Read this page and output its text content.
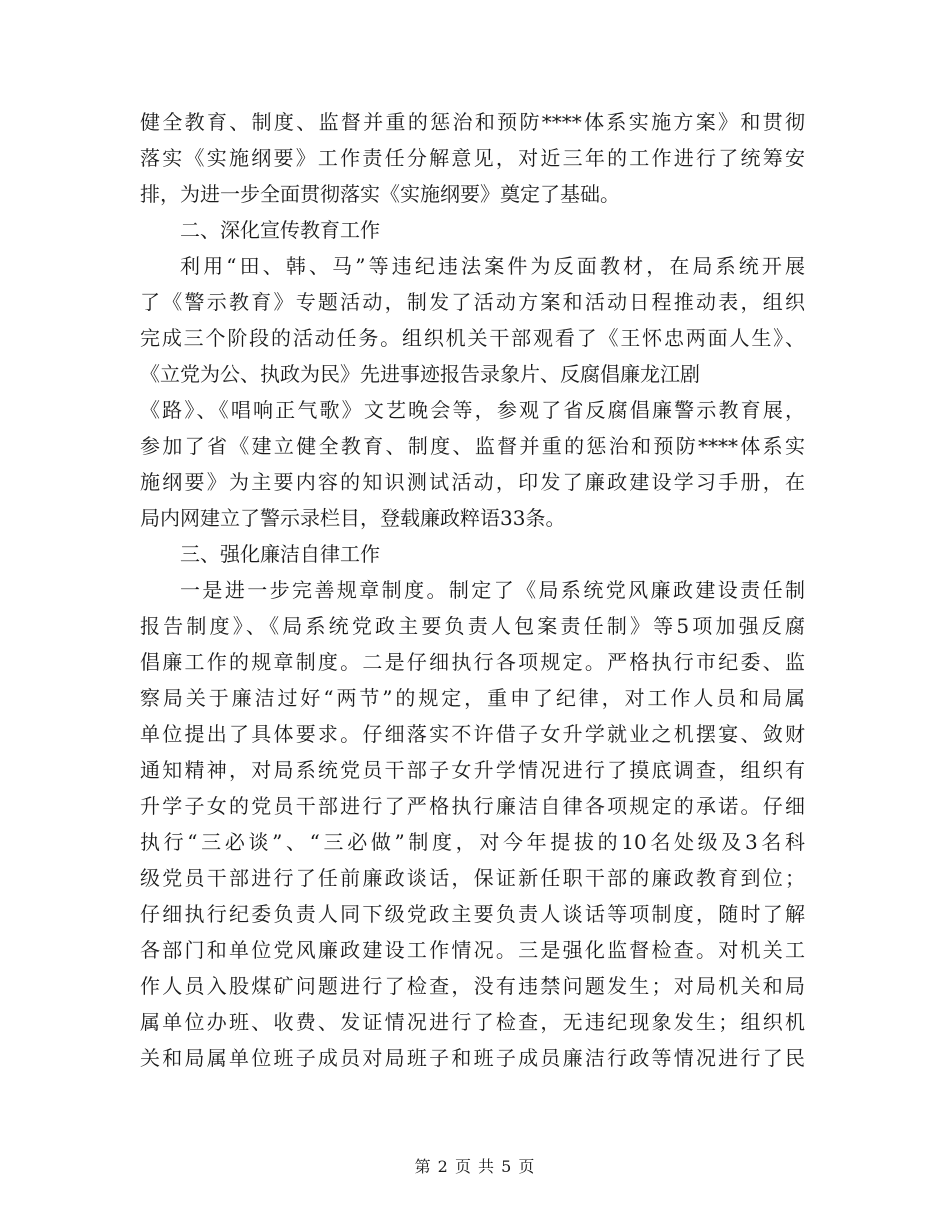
健全教育、制度、监督并重的惩治和预防****体系实施方案》和贯彻
落实《实施纲要》工作责任分解意见，对近三年的工作进行了统筹安
排，为进一步全面贯彻落实《实施纲要》奠定了基础。
二、深化宣传教育工作
利用“田、韩、马”等违纪违法案件为反面教材，在局系统开展
了《警示教育》专题活动，制发了活动方案和活动日程推动表，组织
完成三个阶段的活动任务。组织机关干部观看了《王怀忠两面人生》、
《立党为公、执政为民》先进事迹报告录象片、反腐倡廉龙江剧
《路》、《唱响正气歌》文艺晚会等，参观了省反腐倡廉警示教育展，
参加了省《建立健全教育、制度、监督并重的惩治和预防****体系实
施纲要》为主要内容的知识测试活动，印发了廉政建设学习手册，在
局内网建立了警示录栏目，登载廉政粹语33条。
三、强化廉洁自律工作
一是进一步完善规章制度。制定了《局系统党风廉政建设责任制
报告制度》、《局系统党政主要负责人包案责任制》等5项加强反腐
倡廉工作的规章制度。二是仔细执行各项规定。严格执行市纪委、监
察局关于廉洁过好“两节”的规定，重申了纪律，对工作人员和局属
单位提出了具体要求。仔细落实不许借子女升学就业之机摆宴、敛财
通知精神，对局系统党员干部子女升学情况进行了摸底调查，组织有
升学子女的党员干部进行了严格执行廉洁自律各项规定的承诺。仔细
执行“三必谈”、“三必做”制度，对今年提拔的10名处级及3名科
级党员干部进行了任前廉政谈话，保证新任职干部的廉政教育到位；
仔细执行纪委负责人同下级党政主要负责人谈话等项制度，随时了解
各部门和单位党风廉政建设工作情况。三是强化监督检查。对机关工
作人员入股煤矿问题进行了检查，没有违禁问题发生；对局机关和局
属单位办班、收费、发证情况进行了检查，无违纪现象发生；组织机
关和局属单位班子成员对局班子和班子成员廉洁行政等情况进行了民
第 2 页 共 5 页
